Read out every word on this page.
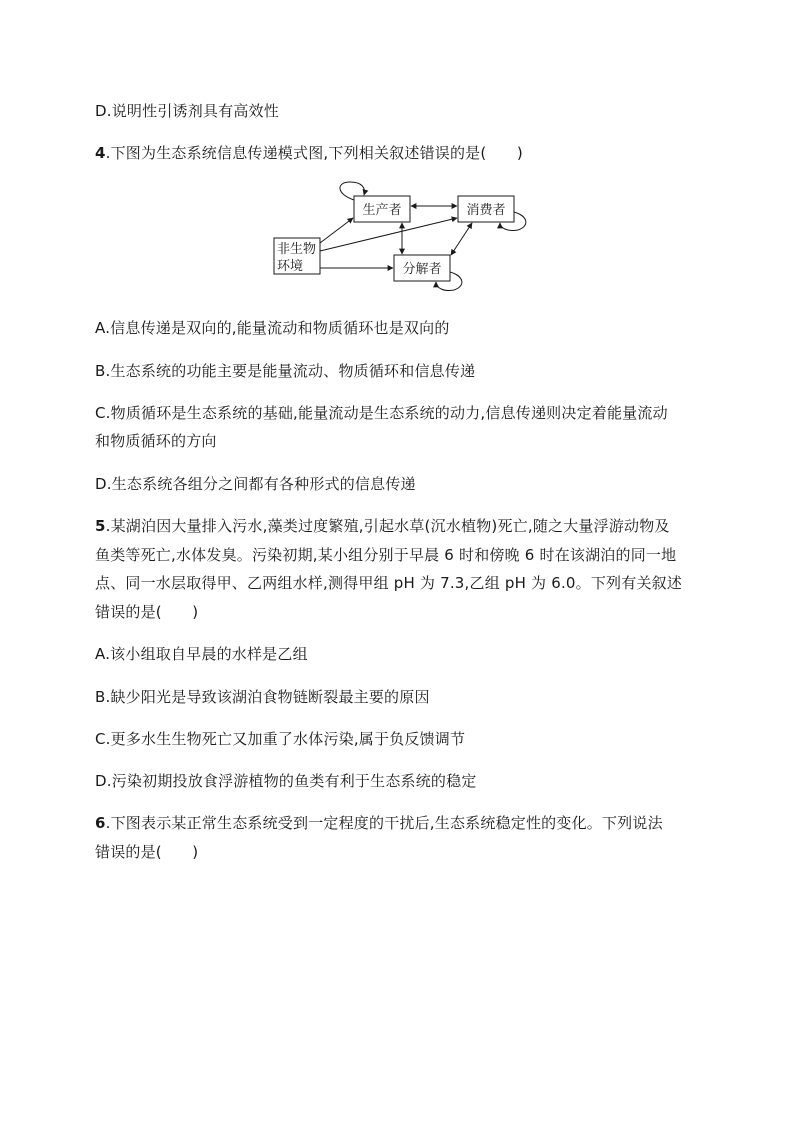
D.说明性引诱剂具有高效性
4.下图为生态系统信息传递模式图,下列相关叙述错误的是(　　)
生产者	消费者
分解者
非生物
环境
A.信息传递是双向的,能量流动和物质循环也是双向的
B.生态系统的功能主要是能量流动、物质循环和信息传递
C.物质循环是生态系统的基础,能量流动是生态系统的动力,信息传递则决定着能量流动
和物质循环的方向
D.生态系统各组分之间都有各种形式的信息传递
5.某湖泊因大量排入污水,藻类过度繁殖,引起水草(沉水植物)死亡,随之大量浮游动物及
鱼类等死亡,水体发臭。污染初期,某小组分别于早晨 6 时和傍晚 6 时在该湖泊的同一地
点、同一水层取得甲、乙两组水样,测得甲组 pH 为 7.3,乙组 pH 为 6.0。下列有关叙述
错误的是(　　)
A.该小组取自早晨的水样是乙组
B.缺少阳光是导致该湖泊食物链断裂最主要的原因
C.更多水生生物死亡又加重了水体污染,属于负反馈调节
D.污染初期投放食浮游植物的鱼类有利于生态系统的稳定
6.下图表示某正常生态系统受到一定程度的干扰后,生态系统稳定性的变化。下列说法
错误的是(　　)
